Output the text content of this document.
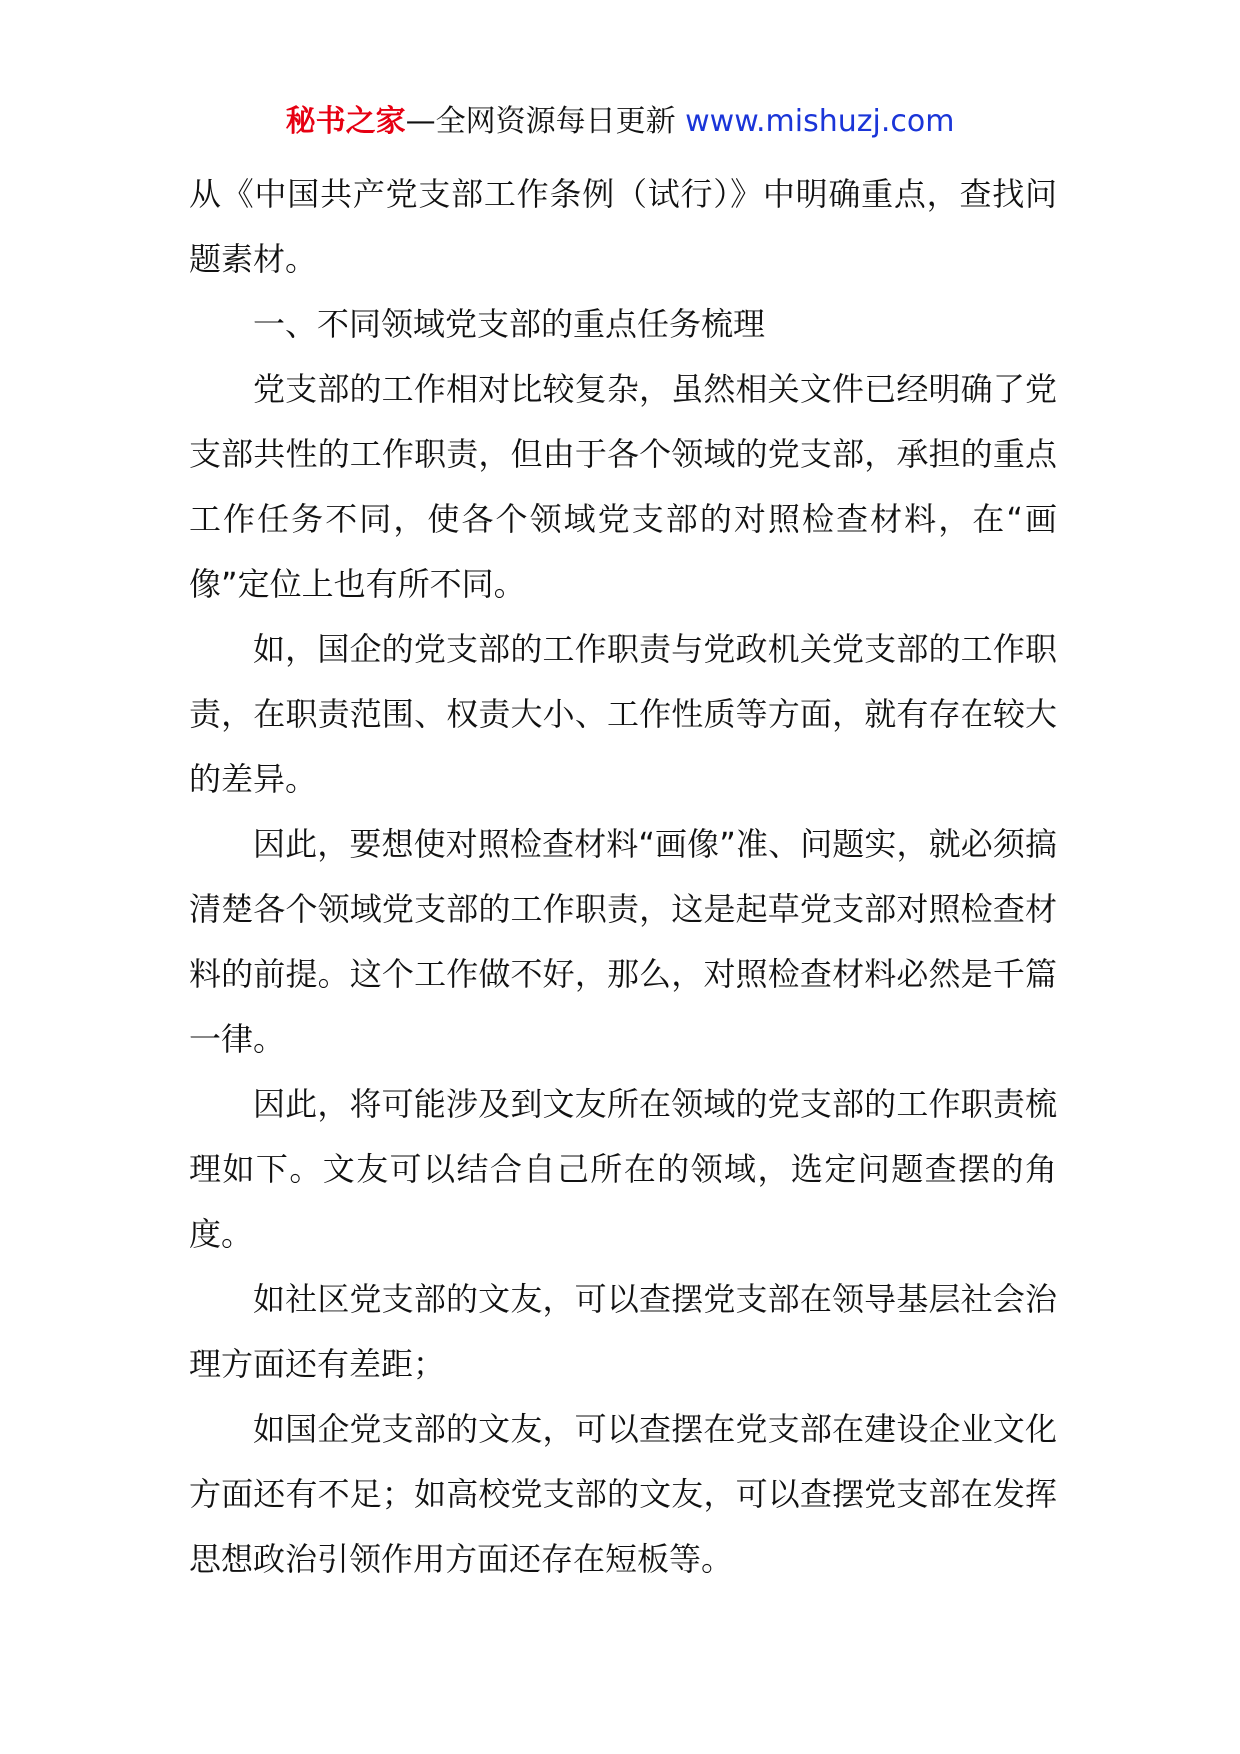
秘书之家—全网资源每日更新 www.mishuzj.com

从《中国共产党支部工作条例（试行）》中明确重点，查找问题素材。

一、不同领域党支部的重点任务梳理

党支部的工作相对比较复杂，虽然相关文件已经明确了党支部共性的工作职责，但由于各个领域的党支部，承担的重点工作任务不同，使各个领域党支部的对照检查材料，在“画像”定位上也有所不同。

如，国企的党支部的工作职责与党政机关党支部的工作职责，在职责范围、权责大小、工作性质等方面，就有存在较大的差异。

因此，要想使对照检查材料“画像”准、问题实，就必须搞清楚各个领域党支部的工作职责，这是起草党支部对照检查材料的前提。这个工作做不好，那么，对照检查材料必然是千篇一律。

因此，将可能涉及到文友所在领域的党支部的工作职责梳理如下。文友可以结合自己所在的领域，选定问题查摆的角度。

如社区党支部的文友，可以查摆党支部在领导基层社会治理方面还有差距；

如国企党支部的文友，可以查摆在党支部在建设企业文化方面还有不足；如高校党支部的文友，可以查摆党支部在发挥思想政治引领作用方面还存在短板等。
